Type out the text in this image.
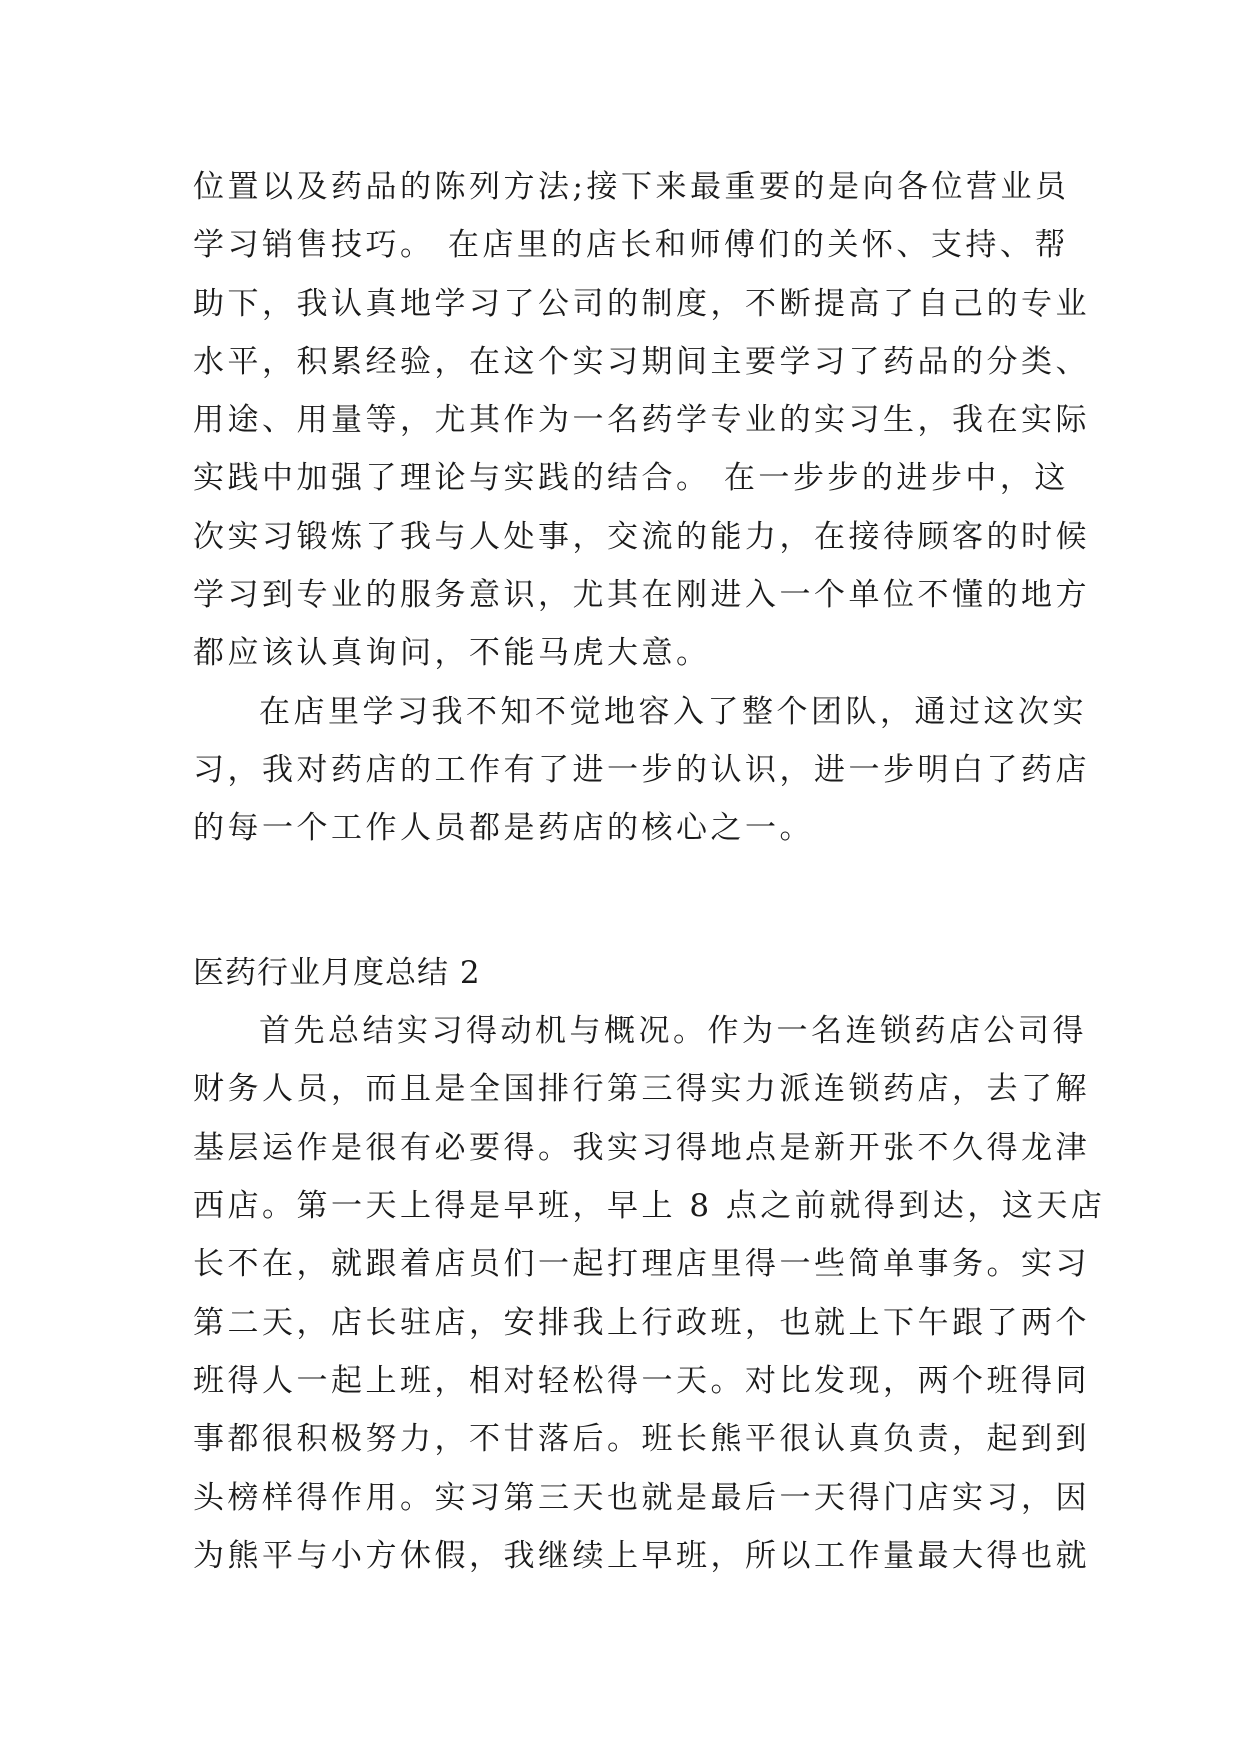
位置以及药品的陈列方法;接下来最重要的是向各位营业员
学习销售技巧。 在店里的店长和师傅们的关怀、支持、帮
助下，我认真地学习了公司的制度，不断提高了自己的专业
水平，积累经验，在这个实习期间主要学习了药品的分类、
用途、用量等，尤其作为一名药学专业的实习生，我在实际
实践中加强了理论与实践的结合。 在一步步的进步中，这
次实习锻炼了我与人处事，交流的能力，在接待顾客的时候
学习到专业的服务意识，尤其在刚进入一个单位不懂的地方
都应该认真询问，不能马虎大意。
在店里学习我不知不觉地容入了整个团队，通过这次实
习，我对药店的工作有了进一步的认识，进一步明白了药店
的每一个工作人员都是药店的核心之一。
医药行业月度总结 2
首先总结实习得动机与概况。作为一名连锁药店公司得
财务人员，而且是全国排行第三得实力派连锁药店，去了解
基层运作是很有必要得。我实习得地点是新开张不久得龙津
西店。第一天上得是早班，早上 8 点之前就得到达，这天店
长不在，就跟着店员们一起打理店里得一些简单事务。实习
第二天，店长驻店，安排我上行政班，也就上下午跟了两个
班得人一起上班，相对轻松得一天。对比发现，两个班得同
事都很积极努力，不甘落后。班长熊平很认真负责，起到到
头榜样得作用。实习第三天也就是最后一天得门店实习，因
为熊平与小方休假，我继续上早班，所以工作量最大得也就
